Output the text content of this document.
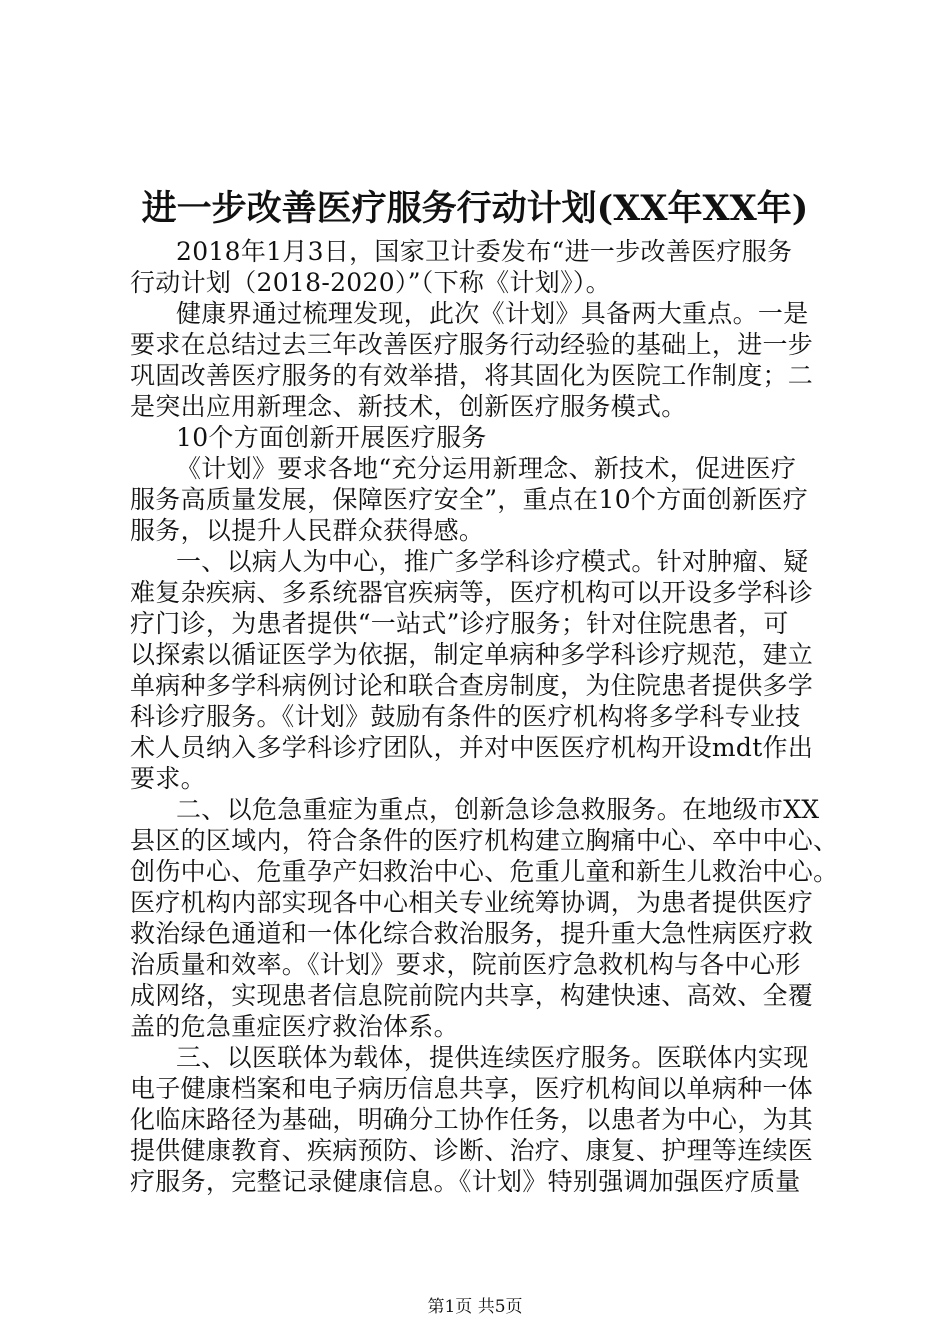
进一步改善医疗服务行动计划(XX年XX年)
2018年1月3日，国家卫计委发布“进一步改善医疗服务
行动计划（2018-2020）”（下称《计划》）。
健康界通过梳理发现，此次《计划》具备两大重点。一是
要求在总结过去三年改善医疗服务行动经验的基础上，进一步
巩固改善医疗服务的有效举措，将其固化为医院工作制度；二
是突出应用新理念、新技术，创新医疗服务模式。
10个方面创新开展医疗服务
《计划》要求各地“充分运用新理念、新技术，促进医疗
服务高质量发展，保障医疗安全”，重点在10个方面创新医疗
服务，以提升人民群众获得感。
一、以病人为中心，推广多学科诊疗模式。针对肿瘤、疑
难复杂疾病、多系统器官疾病等，医疗机构可以开设多学科诊
疗门诊，为患者提供“一站式”诊疗服务；针对住院患者，可
以探索以循证医学为依据，制定单病种多学科诊疗规范，建立
单病种多学科病例讨论和联合查房制度，为住院患者提供多学
科诊疗服务。《计划》鼓励有条件的医疗机构将多学科专业技
术人员纳入多学科诊疗团队，并对中医医疗机构开设mdt作出
要求。
二、以危急重症为重点，创新急诊急救服务。在地级市XX
县区的区域内，符合条件的医疗机构建立胸痛中心、卒中中心、
创伤中心、危重孕产妇救治中心、危重儿童和新生儿救治中心。
医疗机构内部实现各中心相关专业统筹协调，为患者提供医疗
救治绿色通道和一体化综合救治服务，提升重大急性病医疗救
治质量和效率。《计划》要求，院前医疗急救机构与各中心形
成网络，实现患者信息院前院内共享，构建快速、高效、全覆
盖的危急重症医疗救治体系。
三、以医联体为载体，提供连续医疗服务。医联体内实现
电子健康档案和电子病历信息共享，医疗机构间以单病种一体
化临床路径为基础，明确分工协作任务，以患者为中心，为其
提供健康教育、疾病预防、诊断、治疗、康复、护理等连续医
疗服务，完整记录健康信息。《计划》特别强调加强医疗质量
第1页 共5页
